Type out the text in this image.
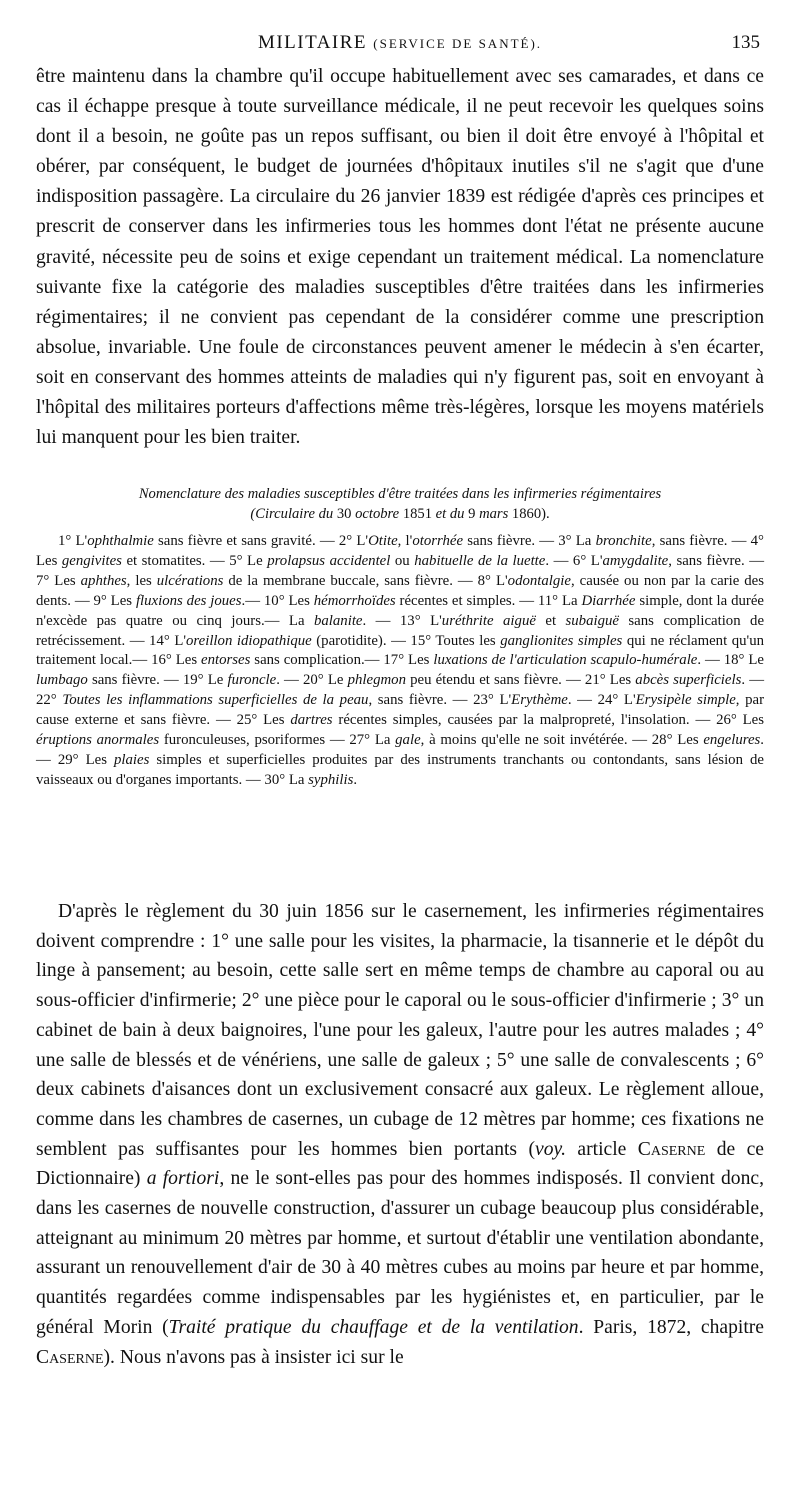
MILITAIRE (SERVICE DE SANTÉ).	135

être maintenu dans la chambre qu'il occupe habituellement avec ses camarades, et dans ce cas il échappe presque à toute surveillance médicale, il ne peut recevoir les quelques soins dont il a besoin, ne goûte pas un repos suffisant, ou bien il doit être envoyé à l'hôpital et obérer, par conséquent, le budget de journées d'hôpitaux inutiles s'il ne s'agit que d'une indisposition passagère. La circulaire du 26 janvier 1839 est rédigée d'après ces principes et prescrit de conserver dans les infirmeries tous les hommes dont l'état ne présente aucune gravité, nécessite peu de soins et exige cependant un traitement médical. La nomenclature suivante fixe la catégorie des maladies susceptibles d'être traitées dans les infirmeries régimentaires; il ne convient pas cependant de la considérer comme une prescription absolue, invariable. Une foule de circonstances peuvent amener le médecin à s'en écarter, soit en conservant des hommes atteints de maladies qui n'y figurent pas, soit en envoyant à l'hôpital des militaires porteurs d'affections même très-légères, lorsque les moyens matériels lui manquent pour les bien traiter.

Nomenclature des maladies susceptibles d'être traitées dans les infirmeries régimentaires
(Circulaire du 30 octobre 1851 et du 9 mars 1860).

1° L'ophthalmie sans fièvre et sans gravité. — 2° L'Otite, l'otorrhée sans fièvre. — 3° La bronchite, sans fièvre. — 4° Les gengivites et stomatites. — 5° Le prolapsus accidentel ou habituelle de la luette. — 6° L'amygdalite, sans fièvre. — 7° Les aphthes, les ulcérations de la membrane buccale, sans fièvre. — 8° L'odontalgie, causée ou non par la carie des dents. — 9° Les fluxions des joues.— 10° Les hémorrhoïdes récentes et simples. — 11° La Diarrhée simple, dont la durée n'excède pas quatre ou cinq jours.— La balanite. — 13° L'uréthrite aiguë et subaiguë sans complication de retrécissement. — 14° L'oreillon idiopathique (parotidite). — 15° Toutes les ganglionites simples qui ne réclament qu'un traitement local.— 16° Les entorses sans complication.— 17° Les luxations de l'articulation scapulo-humérale. — 18° Le lumbago sans fièvre. — 19° Le furoncle. — 20° Le phlegmon peu étendu et sans fièvre. — 21° Les abcès superficiels. — 22° Toutes les inflammations superficielles de la peau, sans fièvre. — 23° L'Erythème. — 24° L'Erysipèle simple, par cause externe et sans fièvre. — 25° Les dartres récentes simples, causées par la malpropreté, l'insolation. — 26° Les éruptions anormales furonculeuses, psoriformes — 27° La gale, à moins qu'elle ne soit invétérée. — 28° Les engelures. — 29° Les plaies simples et superficielles produites par des instruments tranchants ou contondants, sans lésion de vaisseaux ou d'organes importants. — 30° La syphilis.

D'après le règlement du 30 juin 1856 sur le casernement, les infirmeries régimentaires doivent comprendre : 1° une salle pour les visites, la pharmacie, la tisannerie et le dépôt du linge à pansement; au besoin, cette salle sert en même temps de chambre au caporal ou au sous-officier d'infirmerie; 2° une pièce pour le caporal ou le sous-officier d'infirmerie ; 3° un cabinet de bain à deux baignoires, l'une pour les galeux, l'autre pour les autres malades ; 4° une salle de blessés et de vénériens, une salle de galeux ; 5° une salle de convalescents ; 6° deux cabinets d'aisances dont un exclusivement consacré aux galeux. Le règlement alloue, comme dans les chambres de casernes, un cubage de 12 mètres par homme; ces fixations ne semblent pas suffisantes pour les hommes bien portants (voy. article Caserne de ce Dictionnaire) a fortiori, ne le sont-elles pas pour des hommes indisposés. Il convient donc, dans les casernes de nouvelle construction, d'assurer un cubage beaucoup plus considérable, atteignant au minimum 20 mètres par homme, et surtout d'établir une ventilation abondante, assurant un renouvellement d'air de 30 à 40 mètres cubes au moins par heure et par homme, quantités regardées comme indispensables par les hygiénistes et, en particulier, par le général Morin (Traité pratique du chauffage et de la ventilation. Paris, 1872, chapitre Caserne). Nous n'avons pas à insister ici sur le
